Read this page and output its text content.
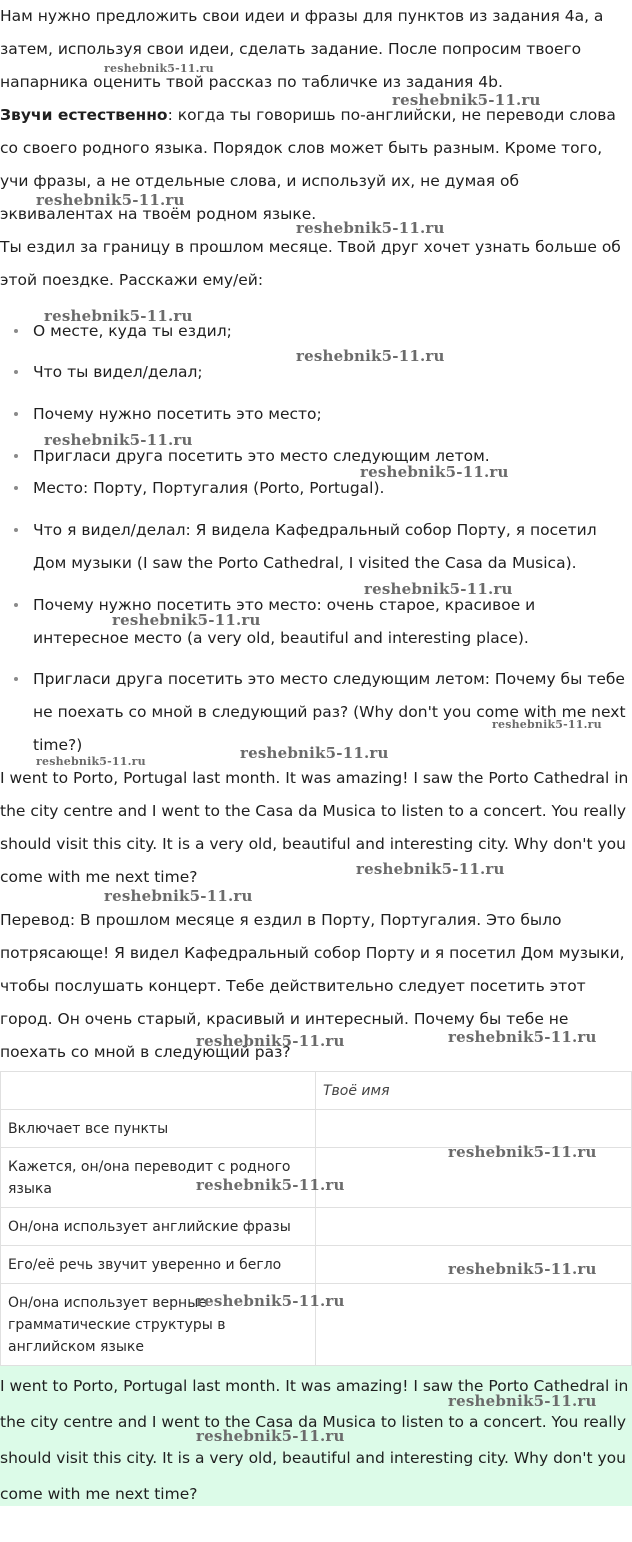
Нам нужно предложить свои идеи и фразы для пунктов из задания 4a, а затем, используя свои идеи, сделать задание. После попросим твоего напарника оценить твой рассказ по табличке из задания 4b.
Звучи естественно: когда ты говоришь по-английски, не переводи слова со своего родного языка. Порядок слов может быть разным. Кроме того, учи фразы, а не отдельные слова, и используй их, не думая об эквивалентах на твоём родном языке.
Ты ездил за границу в прошлом месяце. Твой друг хочет узнать больше об этой поездке. Расскажи ему/ей:
О месте, куда ты ездил;
Что ты видел/делал;
Почему нужно посетить это место;
Пригласи друга посетить это место следующим летом.
Место: Порту, Португалия (Porto, Portugal).
Что я видел/делал: Я видела Кафедральный собор Порту, я посетил Дом музыки (I saw the Porto Cathedral, I visited the Casa da Musica).
Почему нужно посетить это место: очень старое, красивое и интересное место (a very old, beautiful and interesting place).
Пригласи друга посетить это место следующим летом: Почему бы тебе не поехать со мной в следующий раз? (Why don't you come with me next time?)
I went to Porto, Portugal last month. It was amazing! I saw the Porto Cathedral in the city centre and I went to the Casa da Musica to listen to a concert. You really should visit this city. It is a very old, beautiful and interesting city. Why don't you come with me next time?
Перевод: В прошлом месяце я ездил в Порту, Португалия. Это было потрясающе! Я видел Кафедральный собор Порту и я посетил Дом музыки, чтобы послушать концерт. Тебе действительно следует посетить этот город. Он очень старый, красивый и интересный. Почему бы тебе не поехать со мной в следующий раз?
	Твоё имя
Включает все пункты	
Кажется, он/она переводит с родного языка	
Он/она использует английские фразы	
Его/её речь звучит уверенно и бегло	
Он/она использует верные грамматические структуры в английском языке	
I went to Porto, Portugal last month. It was amazing! I saw the Porto Cathedral in the city centre and I went to the Casa da Musica to listen to a concert. You really should visit this city. It is a very old, beautiful and interesting city. Why don't you come with me next time?
reshebnik5-11.ru
reshebnik5-11.ru
reshebnik5-11.ru
reshebnik5-11.ru
reshebnik5-11.ru
reshebnik5-11.ru
reshebnik5-11.ru
reshebnik5-11.ru
reshebnik5-11.ru
reshebnik5-11.ru
reshebnik5-11.ru
reshebnik5-11.ru
reshebnik5-11.ru
reshebnik5-11.ru
reshebnik5-11.ru
reshebnik5-11.ru	reshebnik5-11.ru
reshebnik5-11.ru
reshebnik5-11.ru
reshebnik5-11.ru
reshebnik5-11.ru
reshebnik5-11.ru
reshebnik5-11.ru
